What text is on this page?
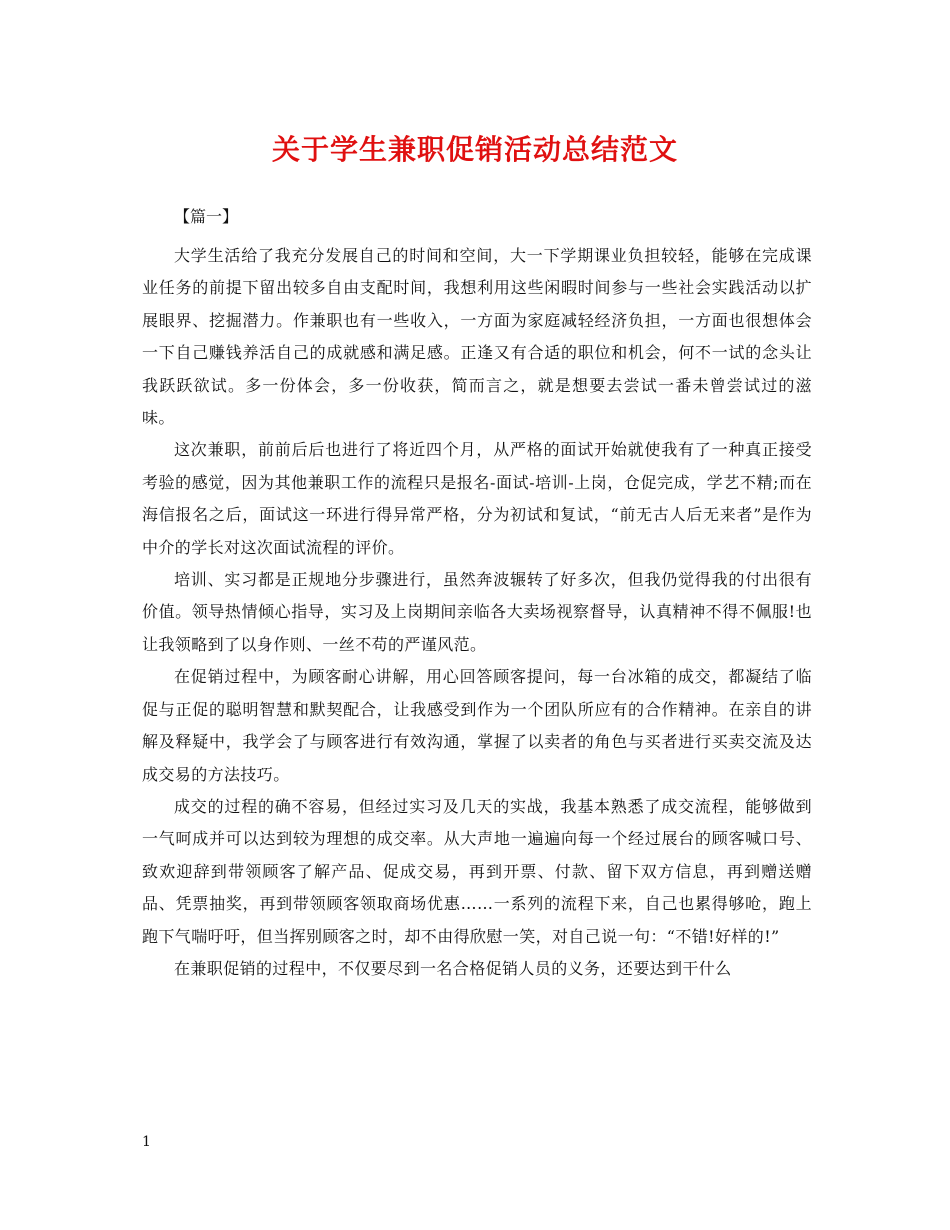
关于学生兼职促销活动总结范文
【篇一】

大学生活给了我充分发展自己的时间和空间，大一下学期课业负担较轻，能够在完成课业任务的前提下留出较多自由支配时间，我想利用这些闲暇时间参与一些社会实践活动以扩展眼界、挖掘潜力。作兼职也有一些收入，一方面为家庭减轻经济负担，一方面也很想体会一下自己赚钱养活自己的成就感和满足感。正逢又有合适的职位和机会，何不一试的念头让我跃跃欲试。多一份体会，多一份收获，简而言之，就是想要去尝试一番未曾尝试过的滋味。

这次兼职，前前后后也进行了将近四个月，从严格的面试开始就使我有了一种真正接受考验的感觉，因为其他兼职工作的流程只是报名-面试-培训-上岗，仓促完成，学艺不精;而在海信报名之后，面试这一环进行得异常严格，分为初试和复试，“前无古人后无来者”是作为中介的学长对这次面试流程的评价。

培训、实习都是正规地分步骤进行，虽然奔波辗转了好多次，但我仍觉得我的付出很有价值。领导热情倾心指导，实习及上岗期间亲临各大卖场视察督导，认真精神不得不佩服!也让我领略到了以身作则、一丝不苟的严谨风范。

在促销过程中，为顾客耐心讲解，用心回答顾客提问，每一台冰箱的成交，都凝结了临促与正促的聪明智慧和默契配合，让我感受到作为一个团队所应有的合作精神。在亲自的讲解及释疑中，我学会了与顾客进行有效沟通，掌握了以卖者的角色与买者进行买卖交流及达成交易的方法技巧。

成交的过程的确不容易，但经过实习及几天的实战，我基本熟悉了成交流程，能够做到一气呵成并可以达到较为理想的成交率。从大声地一遍遍向每一个经过展台的顾客喊口号、致欢迎辞到带领顾客了解产品、促成交易，再到开票、付款、留下双方信息，再到赠送赠品、凭票抽奖，再到带领顾客领取商场优惠……一系列的流程下来，自己也累得够呛，跑上跑下气喘吁吁，但当挥别顾客之时，却不由得欣慰一笑，对自己说一句：“不错!好样的!”

在兼职促销的过程中，不仅要尽到一名合格促销人员的义务，还要达到干什么

1
